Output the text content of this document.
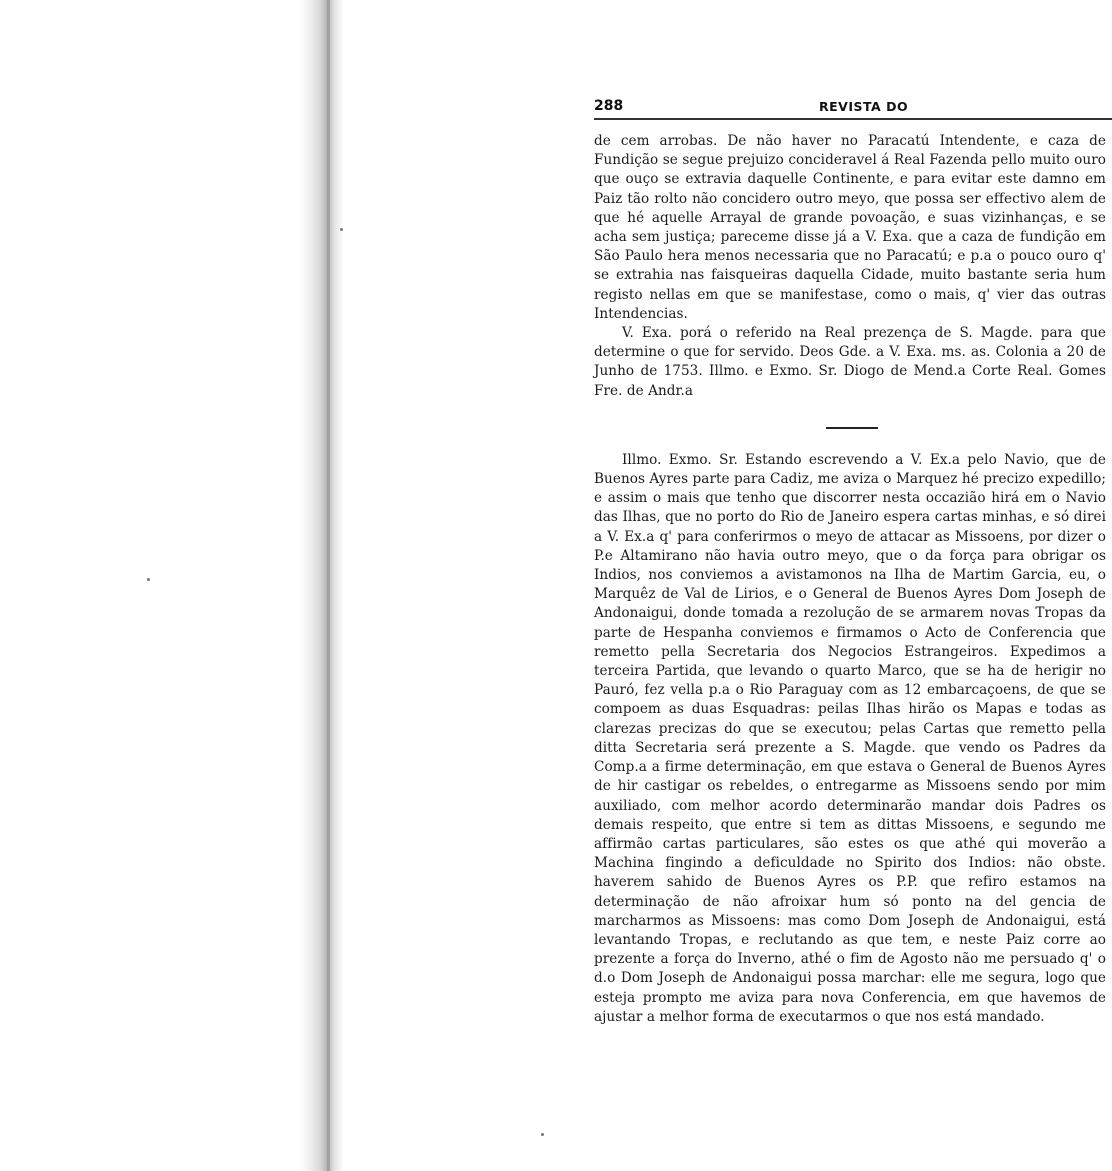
288	REVISTA DO

de cem arrobas. De não haver no Paracatú Intendente, e caza de Fundição se segue prejuizo concideravel á Real Fazenda pello muito ouro que ouço se extravia daquelle Continente, e para evitar este damno em Paiz tão rolto não concidero outro meyo, que possa ser effectivo alem de que hé aquelle Arrayal de grande povoação, e suas vizinhanças, e se acha sem justiça; pareceme disse já a V. Exa. que a caza de fundição em São Paulo hera menos necessaria que no Paracatú; e p.a o pouco ouro q' se extrahia nas faisqueiras daquella Cidade, muito bastante seria hum registo nellas em que se manifestase, como o mais, q' vier das outras Intendencias.

V. Exa. porá o referido na Real prezença de S. Magde. para que determine o que for servido. Deos Gde. a V. Exa. ms. as. Colonia a 20 de Junho de 1753. Illmo. e Exmo. Sr. Diogo de Mend.a Corte Real. Gomes Fre. de Andr.a

Illmo. Exmo. Sr. Estando escrevendo a V. Ex.a pelo Navio, que de Buenos Ayres parte para Cadiz, me aviza o Marquez hé precizo expedillo; e assim o mais que tenho que discorrer nesta occazião hirá em o Navio das Ilhas, que no porto do Rio de Janeiro espera cartas minhas, e só direi a V. Ex.a q' para conferirmos o meyo de attacar as Missoens, por dizer o P.e Altamirano não havia outro meyo, que o da força para obrigar os Indios, nos conviemos a avistamonos na Ilha de Martim Garcia, eu, o Marquêz de Val de Lirios, e o General de Buenos Ayres Dom Joseph de Andonaigui, donde tomada a rezolução de se armarem novas Tropas da parte de Hespanha conviemos e firmamos o Acto de Conferencia que remetto pella Secretaria dos Negocios Estrangeiros. Expedimos a terceira Partida, que levando o quarto Marco, que se ha de herigir no Pauró, fez vella p.a o Rio Paraguay com as 12 embarcaçoens, de que se compoem as duas Esquadras: peilas Ilhas hirão os Mapas e todas as clarezas precizas do que se executou; pelas Cartas que remetto pella ditta Secretaria será prezente a S. Magde. que vendo os Padres da Comp.a a firme determinação, em que estava o General de Buenos Ayres de hir castigar os rebeldes, o entregarme as Missoens sendo por mim auxiliado, com melhor acordo determinarão mandar dois Padres os demais respeito, que entre si tem as dittas Missoens, e segundo me affirmão cartas particulares, são estes os que athé qui moverão a Machina fingindo a deficuldade no Spirito dos Indios: não obste. haverem sahido de Buenos Ayres os P.P. que refiro estamos na determinação de não afroixar hum só ponto na del gencia de marcharmos as Missoens: mas como Dom Joseph de Andonaigui, está levantando Tropas, e reclutando as que tem, e neste Paiz corre ao prezente a força do Inverno, athé o fim de Agosto não me persuado q' o d.o Dom Joseph de Andonaigui possa marchar: elle me segura, logo que esteja prompto me aviza para nova Conferencia, em que havemos de ajustar a melhor forma de executarmos o que nos está mandado.
